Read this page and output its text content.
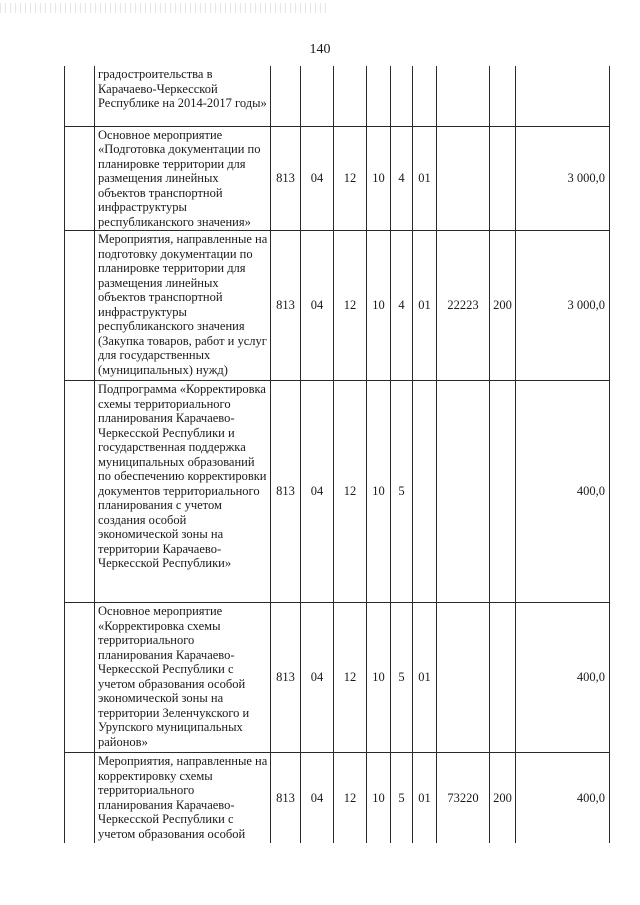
140
	градостроительства в Карачаево-Черкесской Республике на 2014-2017 годы»									
	Основное мероприятие «Подготовка документации по планировке территории для размещения линейных объектов транспортной инфраструктуры республиканского значения»	813	04	12	10	4	01			3 000,0
	Мероприятия, направленные на подготовку документации по планировке территории для размещения линейных объектов транспортной инфраструктуры республиканского значения (Закупка товаров, работ и услуг для государственных (муниципальных) нужд)	813	04	12	10	4	01	22223	200	3 000,0
	Подпрограмма «Корректировка схемы территориального планирования Карачаево-Черкесской Республики и государственная поддержка муниципальных образований по обеспечению корректировки документов территориального планирования с учетом создания особой экономической зоны на территории Карачаево-Черкесской Республики»	813	04	12	10	5				400,0
	Основное мероприятие «Корректировка схемы территориального планирования Карачаево-Черкесской Республики с учетом образования особой экономической зоны на территории Зеленчукского и Урупского муниципальных районов»	813	04	12	10	5	01			400,0
	Мероприятия, направленные на корректировку схемы территориального планирования Карачаево-Черкесской Республики с учетом образования особой	813	04	12	10	5	01	73220	200	400,0
